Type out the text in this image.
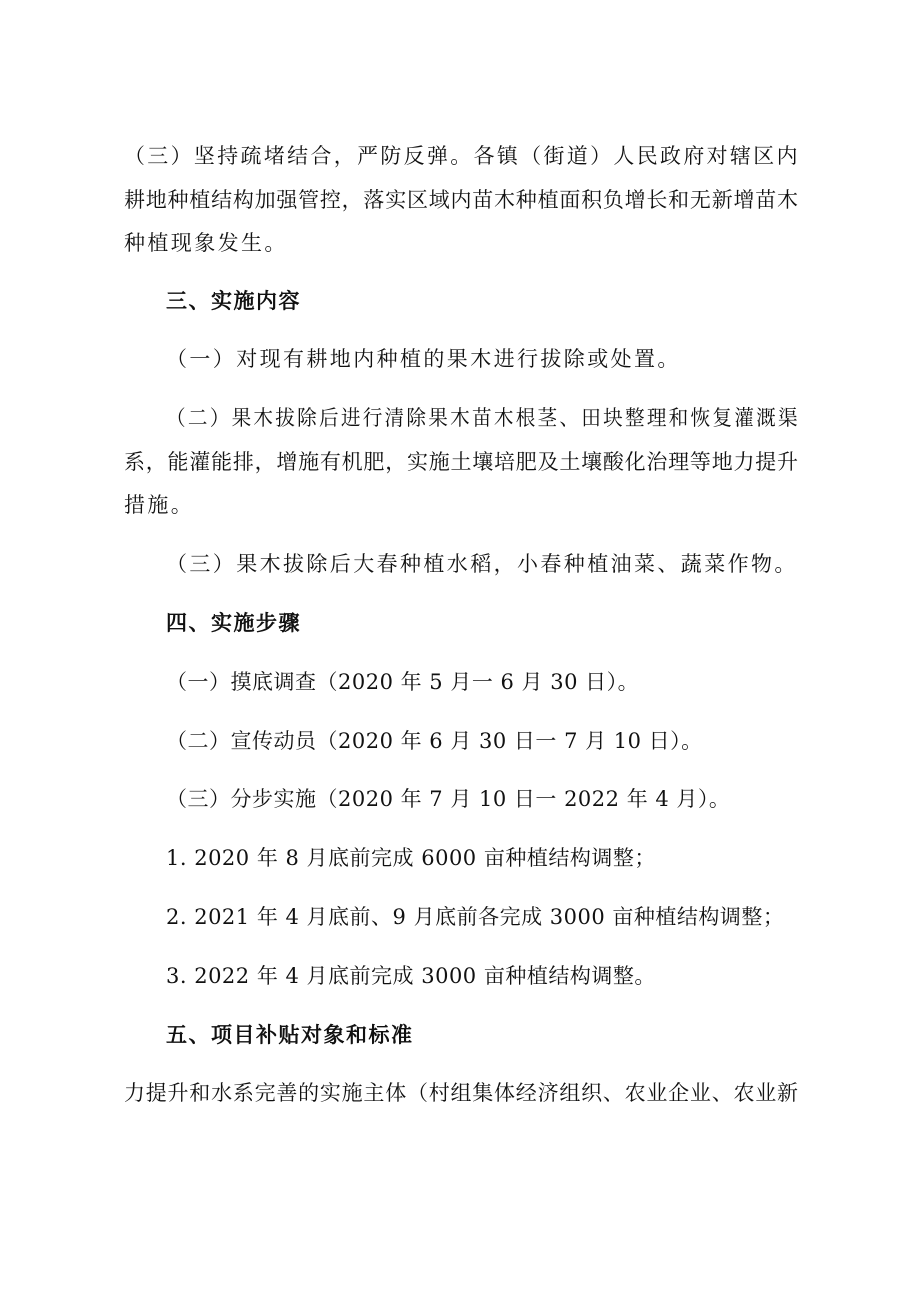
（三）坚持疏堵结合，严防反弹。各镇（街道）人民政府对辖区内
耕地种植结构加强管控，落实区域内苗木种植面积负增长和无新增苗木
种植现象发生。
三、实施内容
（一）对现有耕地内种植的果木进行拔除或处置。
（二）果木拔除后进行清除果木苗木根茎、田块整理和恢复灌溉渠
系，能灌能排，增施有机肥，实施土壤培肥及土壤酸化治理等地力提升
措施。
（三）果木拔除后大春种植水稻，小春种植油菜、蔬菜作物。
四、实施步骤
（一）摸底调查（2020 年 5 月一 6 月 30 日）。
（二）宣传动员（2020 年 6 月 30 日一 7 月 10 日）。
（三）分步实施（2020 年 7 月 10 日一 2022 年 4 月）。
1. 2020 年 8 月底前完成 6000 亩种植结构调整；
2. 2021 年 4 月底前、9 月底前各完成 3000 亩种植结构调整；
3. 2022 年 4 月底前完成 3000 亩种植结构调整。
五、项目补贴对象和标准
力提升和水系完善的实施主体（村组集体经济组织、农业企业、农业新
